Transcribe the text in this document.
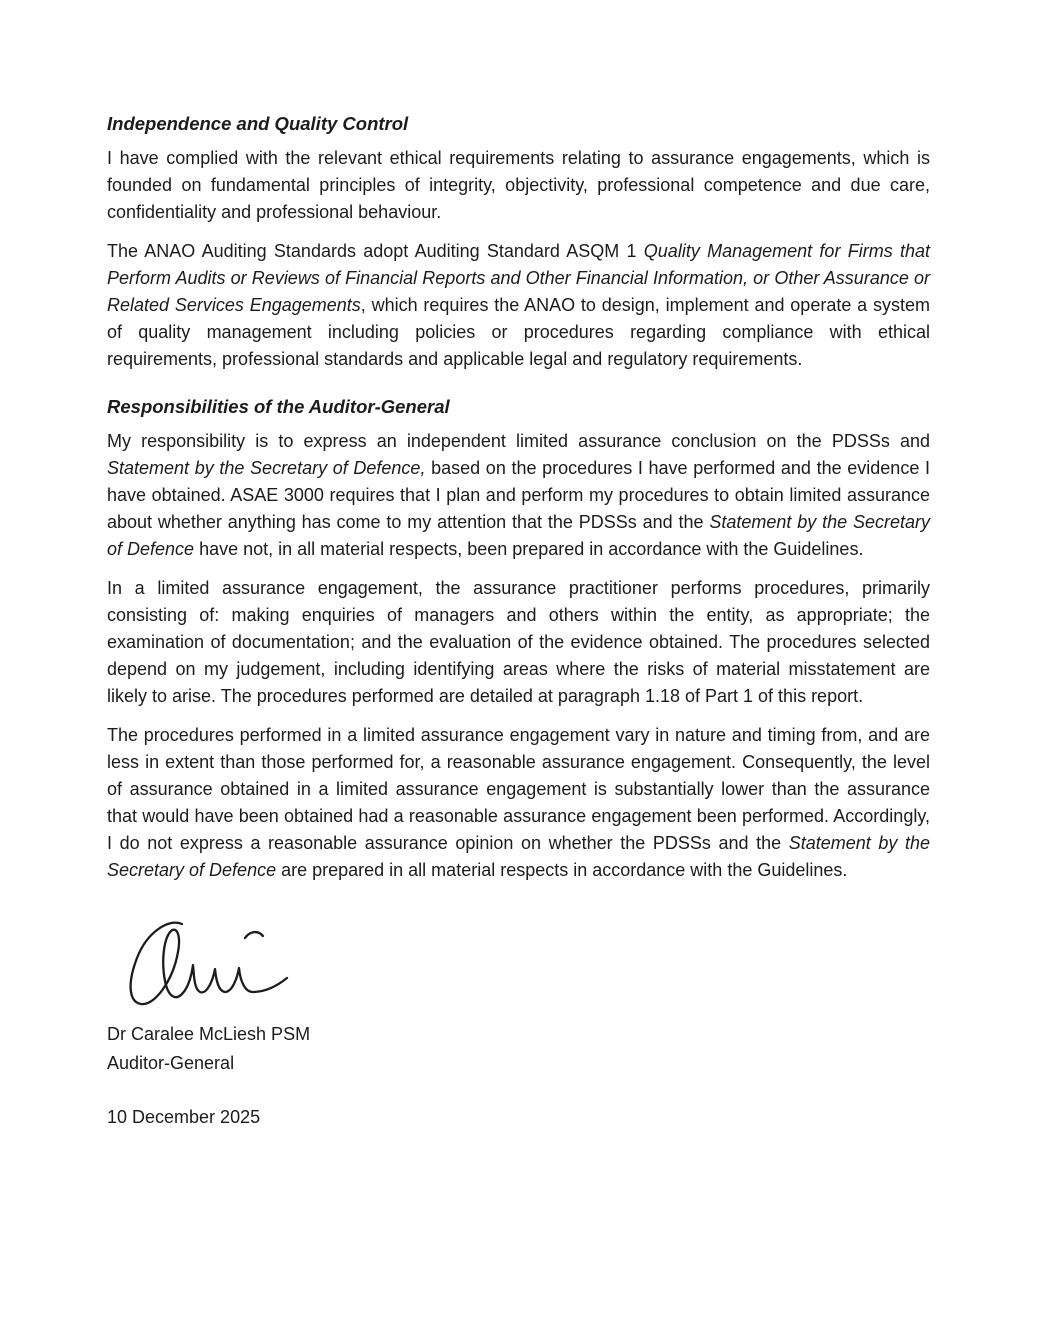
Independence and Quality Control

I have complied with the relevant ethical requirements relating to assurance engagements, which is founded on fundamental principles of integrity, objectivity, professional competence and due care, confidentiality and professional behaviour.

The ANAO Auditing Standards adopt Auditing Standard ASQM 1 Quality Management for Firms that Perform Audits or Reviews of Financial Reports and Other Financial Information, or Other Assurance or Related Services Engagements, which requires the ANAO to design, implement and operate a system of quality management including policies or procedures regarding compliance with ethical requirements, professional standards and applicable legal and regulatory requirements.

Responsibilities of the Auditor-General

My responsibility is to express an independent limited assurance conclusion on the PDSSs and Statement by the Secretary of Defence, based on the procedures I have performed and the evidence I have obtained. ASAE 3000 requires that I plan and perform my procedures to obtain limited assurance about whether anything has come to my attention that the PDSSs and the Statement by the Secretary of Defence have not, in all material respects, been prepared in accordance with the Guidelines.

In a limited assurance engagement, the assurance practitioner performs procedures, primarily consisting of: making enquiries of managers and others within the entity, as appropriate; the examination of documentation; and the evaluation of the evidence obtained. The procedures selected depend on my judgement, including identifying areas where the risks of material misstatement are likely to arise. The procedures performed are detailed at paragraph 1.18 of Part 1 of this report.

The procedures performed in a limited assurance engagement vary in nature and timing from, and are less in extent than those performed for, a reasonable assurance engagement. Consequently, the level of assurance obtained in a limited assurance engagement is substantially lower than the assurance that would have been obtained had a reasonable assurance engagement been performed. Accordingly, I do not express a reasonable assurance opinion on whether the PDSSs and the Statement by the Secretary of Defence are prepared in all material respects in accordance with the Guidelines.

Dr Caralee McLiesh PSM
Auditor-General
10 December 2025
